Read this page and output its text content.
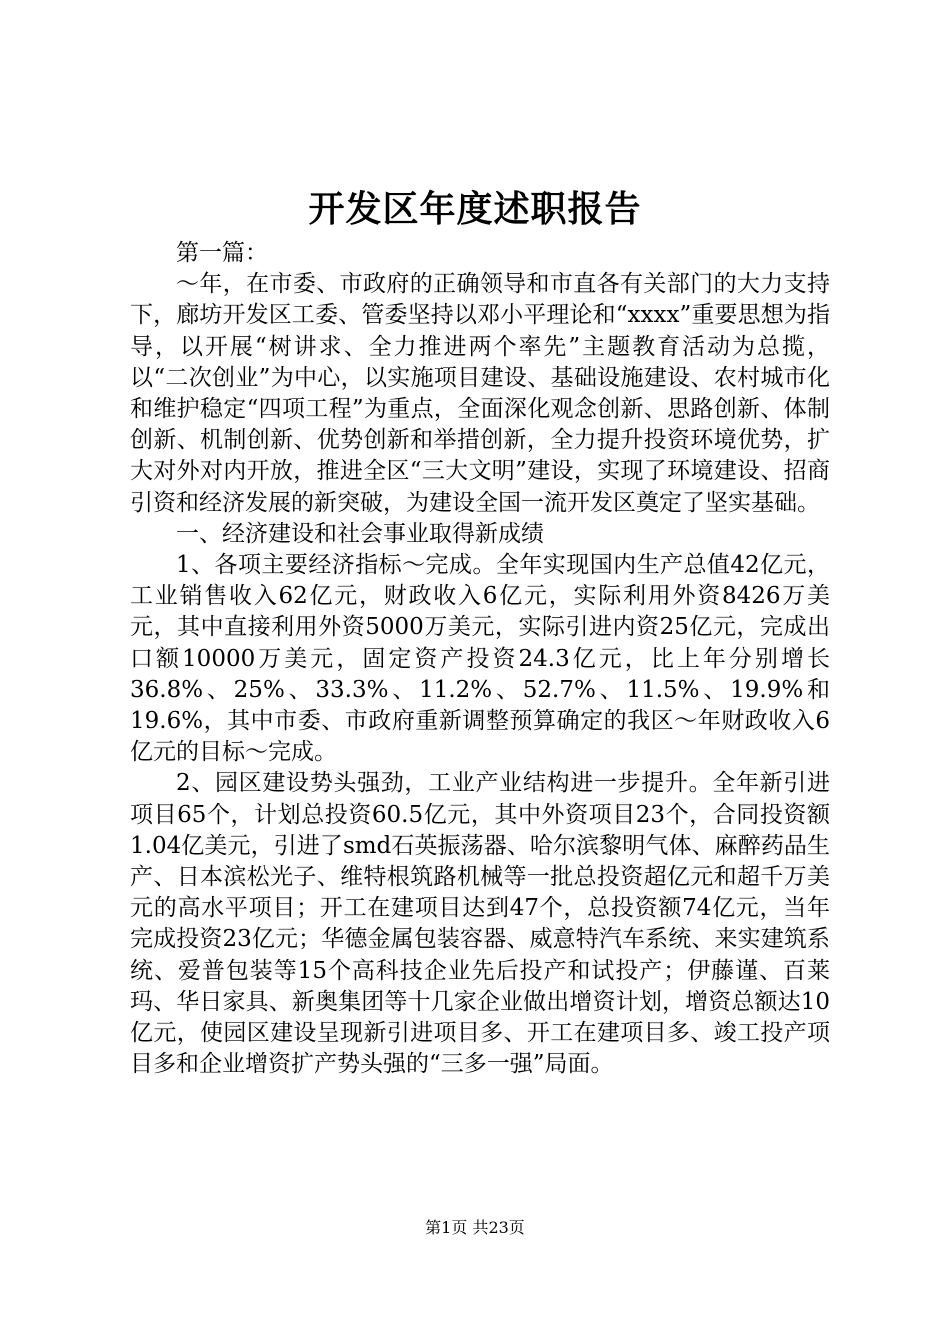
开发区年度述职报告

第一篇：

～年，在市委、市政府的正确领导和市直各有关部门的大力支持下，廊坊开发区工委、管委坚持以邓小平理论和“xxxx”重要思想为指导，以开展“树讲求、全力推进两个率先”主题教育活动为总揽，以“二次创业”为中心，以实施项目建设、基础设施建设、农村城市化和维护稳定“四项工程”为重点，全面深化观念创新、思路创新、体制创新、机制创新、优势创新和举措创新，全力提升投资环境优势，扩大对外对内开放，推进全区“三大文明”建设，实现了环境建设、招商引资和经济发展的新突破，为建设全国一流开发区奠定了坚实基础。

一、经济建设和社会事业取得新成绩

1、各项主要经济指标～完成。全年实现国内生产总值42亿元，工业销售收入62亿元，财政收入6亿元，实际利用外资8426万美元，其中直接利用外资5000万美元，实际引进内资25亿元，完成出口额10000万美元，固定资产投资24.3亿元，比上年分别增长36.8%、25%、33.3%、11.2%、52.7%、11.5%、19.9%和19.6%，其中市委、市政府重新调整预算确定的我区～年财政收入6亿元的目标～完成。

2、园区建设势头强劲，工业产业结构进一步提升。全年新引进项目65个，计划总投资60.5亿元，其中外资项目23个，合同投资额1.04亿美元，引进了smd石英振荡器、哈尔滨黎明气体、麻醉药品生产、日本滨松光子、维特根筑路机械等一批总投资超亿元和超千万美元的高水平项目；开工在建项目达到47个，总投资额74亿元，当年完成投资23亿元；华德金属包装容器、威意特汽车系统、来实建筑系统、爱普包装等15个高科技企业先后投产和试投产；伊藤谨、百莱玛、华日家具、新奥集团等十几家企业做出增资计划，增资总额达10亿元，使园区建设呈现新引进项目多、开工在建项目多、竣工投产项目多和企业增资扩产势头强的“三多一强”局面。

第1页 共23页
